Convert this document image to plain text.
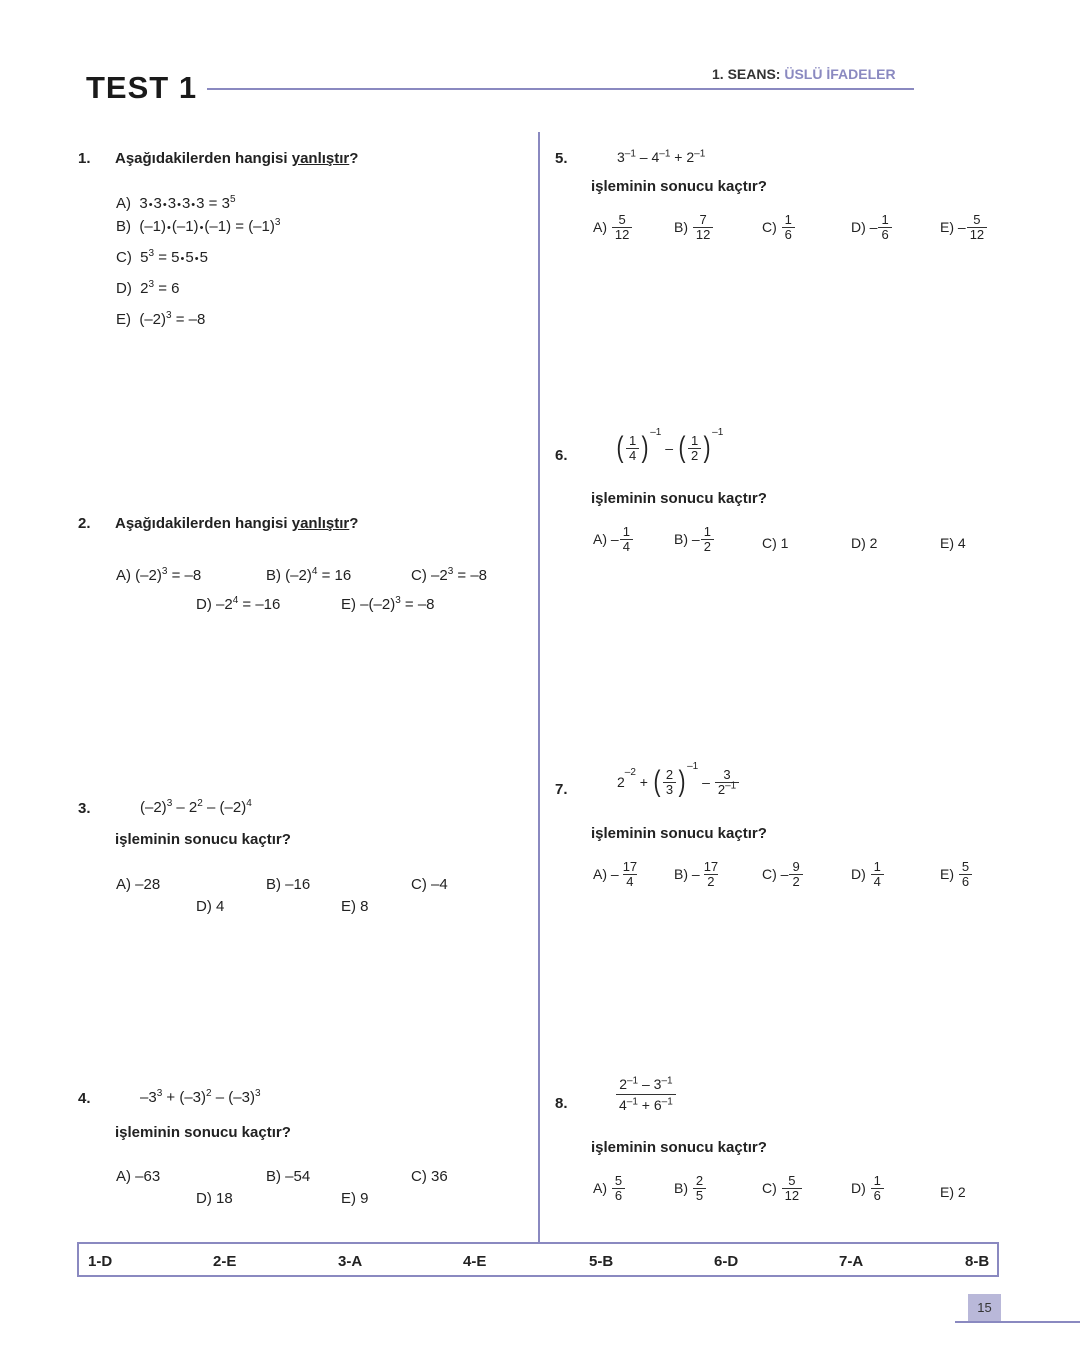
TEST 1	1. SEANS: ÜSLÜ İFADELER
1. Aşağıdakilerden hangisi yanlıştır?
A)  3•3•3•3•3 = $3^5$
B)  (–1)•(–1)•(–1) = $(-1)^3$
C)  $5^3$ = 5•5•5
D)  $2^3 = 6$
E)  $(-2)^3 = -8$
2. Aşağıdakilerden hangisi yanlıştır?
A) $(-2)^3 = -8$	B) $(-2)^4 = 16$	C) $-2^3 = -8$
D) $-2^4 = -16$	E) $-(-2)^3 = -8$
3.	$(-2)^3 - 2^2 - (-2)^4$
işleminin sonucu kaçtır?
A) –28	B) –16	C) –4
D) 4	E) 8
4.	$-3^3 + (-3)^2 - (-3)^3$
işleminin sonucu kaçtır?
A) –63	B) –54	C) 36
D) 18	E) 9
5.	$3^{-1} - 4^{-1} + 2^{-1}$
işleminin sonucu kaçtır?
$A) \frac{5}{12}$	$B) \frac{7}{12}$	$C) \frac{1}{6}$	$D) - \frac{1}{6}$	$E) - \frac{5}{12}$
6. ( $\frac{1}{4}$ ) –1
– ( $\frac{1}{2}$ ) –1
işleminin sonucu kaçtır?
$A) - \frac{1}{4}$	$B) - \frac{1}{2}$	C) 1	D) 2	E) 4
7.	2
–2
+ ( $\frac{2}{3}$ ) –1
– $\frac{3}{2^{-1}}$
işleminin sonucu kaçtır?
$A) - \frac{17}{4} B) - \frac{17}{2}$	$C) - \frac{9}{2}$	$D) \frac{1}{4}$	$E) \frac{5}{6}$
8.	$\frac{2^{-1} - 3^{-1}}{4^{-1} + 6^{-1}}$
işleminin sonucu kaçtır?
$A) \frac{5}{6}$	$B) \frac{2}{5}$	$C) \frac{5}{12}$	$D) \frac{1}{6}$	E) 2
1-D	2-E	3-A	4-E	5-B	6-D	7-A	8-B
15
